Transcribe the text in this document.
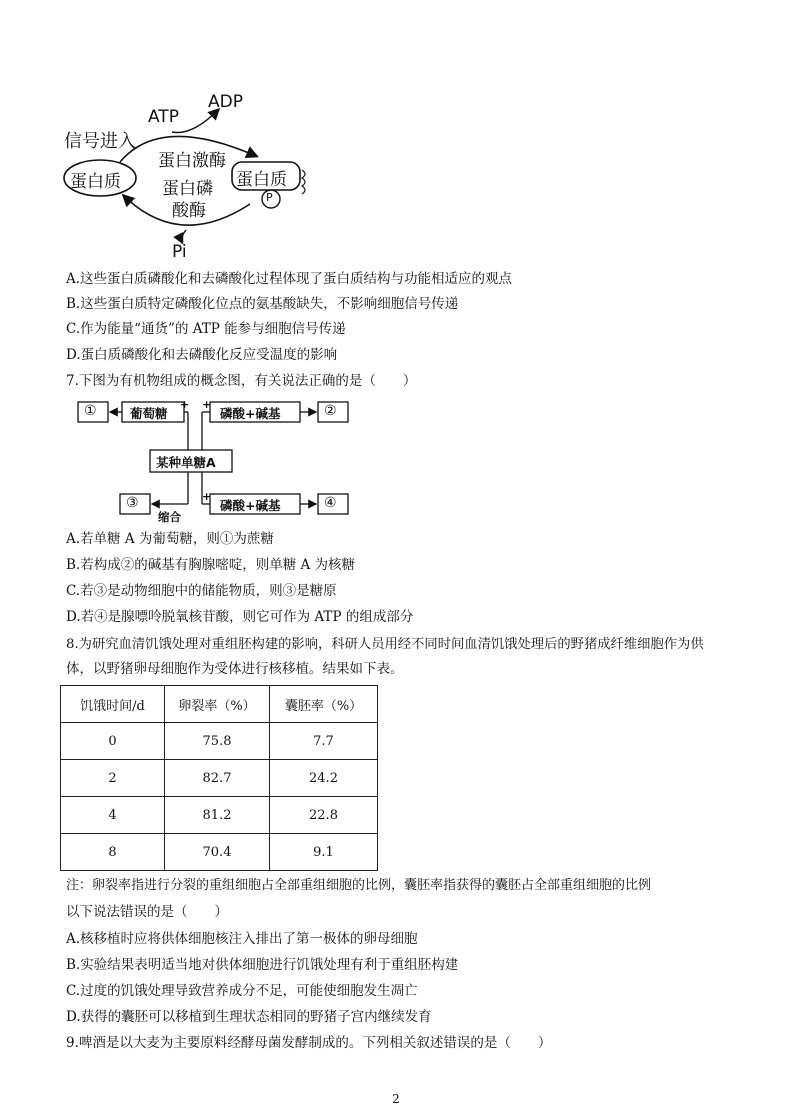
ATP
ADP
信号进入
蛋白质
蛋白激酶
蛋白磷
酸酶
蛋白质
P
Pi
A.这些蛋白质磷酸化和去磷酸化过程体现了蛋白质结构与功能相适应的观点
B.这些蛋白质特定磷酸化位点的氨基酸缺失，不影响细胞信号传递
C.作为能量“通货”的 ATP 能参与细胞信号传递
D.蛋白质磷酸化和去磷酸化反应受温度的影响
7.下图为有机物组成的概念图，有关说法正确的是（　　）
①	葡萄糖
+ +
磷酸+碱基	②
某种单糖A
③	+
磷酸+碱基	④
缩合
A.若单糖 A 为葡萄糖，则①为蔗糖
B.若构成②的碱基有胸腺嘧啶，则单糖 A 为核糖
C.若③是动物细胞中的储能物质，则③是糖原
D.若④是腺嘌呤脱氧核苷酸，则它可作为 ATP 的组成部分
8.为研究血清饥饿处理对重组胚构建的影响，科研人员用经不同时间血清饥饿处理后的野猪成纤维细胞作为供
体，以野猪卵母细胞作为受体进行核移植。结果如下表。
饥饿时间/d	卵裂率（%）	囊胚率（%）
0	75.8	7.7
2	82.7	24.2
4	81.2	22.8
8	70.4	9.1
注：卵裂率指进行分裂的重组细胞占全部重组细胞的比例，囊胚率指获得的囊胚占全部重组细胞的比例
以下说法错误的是（　　）
A.核移植时应将供体细胞核注入排出了第一极体的卵母细胞
B.实验结果表明适当地对供体细胞进行饥饿处理有利于重组胚构建
C.过度的饥饿处理导致营养成分不足，可能使细胞发生凋亡
D.获得的囊胚可以移植到生理状态相同的野猪子宫内继续发育
9.啤酒是以大麦为主要原料经酵母菌发酵制成的。下列相关叙述错误的是（　　）
2
